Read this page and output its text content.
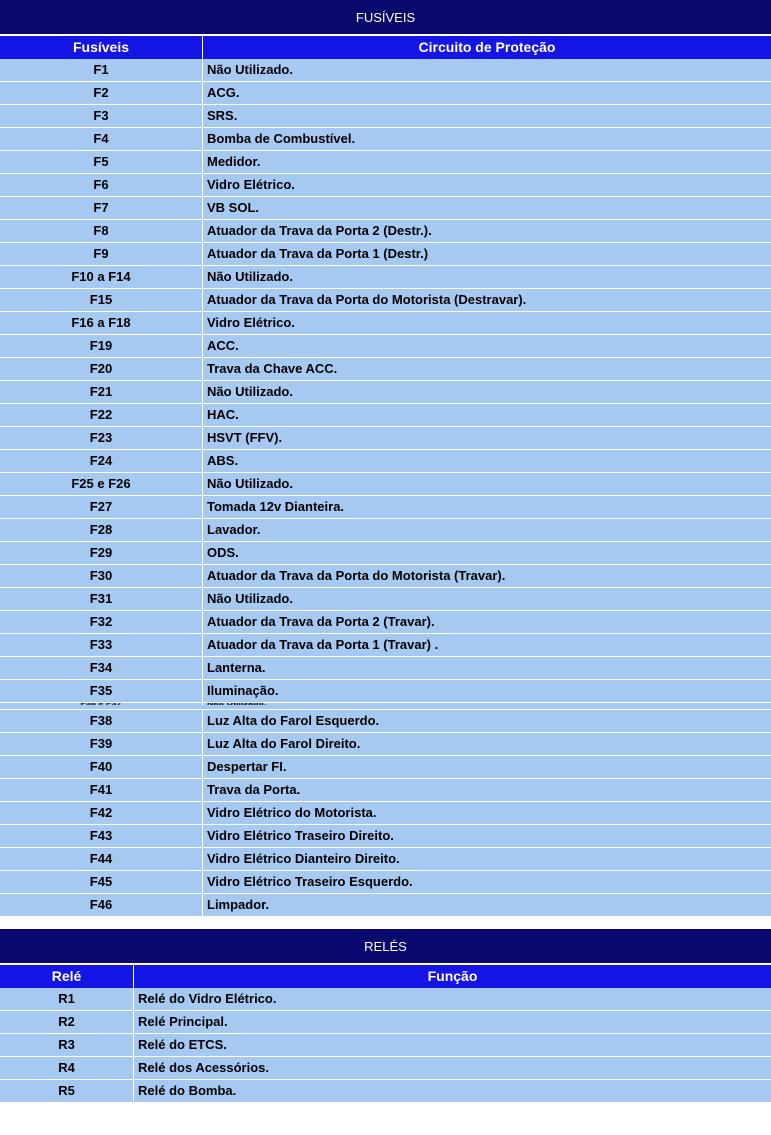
FUSÍVEIS
Fusíveis	Circuito de Proteção
F1	Não Utilizado.
F2	ACG.
F3	SRS.
F4	Bomba de Combustível.
F5	Medidor.
F6	Vidro Elétrico.
F7	VB SOL.
F8	Atuador da Trava da Porta 2 (Destr.).
F9	Atuador da Trava da Porta 1 (Destr.)
F10 a F14	Não Utilizado.
F15	Atuador da Trava da Porta do Motorista (Destravar).
F16 a F18	Vidro Elétrico.
F19	ACC.
F20	Trava da Chave ACC.
F21	Não Utilizado.
F22	HAC.
F23	HSVT (FFV).
F24	ABS.
F25 e F26	Não Utilizado.
F27	Tomada 12v Dianteira.
F28	Lavador.
F29	ODS.
F30	Atuador da Trava da Porta do Motorista (Travar).
F31	Não Utilizado.
F32	Atuador da Trava da Porta 2 (Travar).
F33	Atuador da Trava da Porta 1 (Travar) .
F34	Lanterna.
F35	Iluminação.
F36 e F37	Não Utilizado.
F38	Luz Alta do Farol Esquerdo.
F39	Luz Alta do Farol Direito.
F40	Despertar FI.
F41	Trava da Porta.
F42	Vidro Elétrico do Motorista.
F43	Vidro Elétrico Traseiro Direito.
F44	Vidro Elétrico Dianteiro Direito.
F45	Vidro Elétrico Traseiro Esquerdo.
F46	Limpador.
RELÉS
Relé	Função
R1	Relé do Vidro Elétrico.
R2	Relé Principal.
R3	Relé do ETCS.
R4	Relé dos Acessórios.
R5	Relé do Bomba.
